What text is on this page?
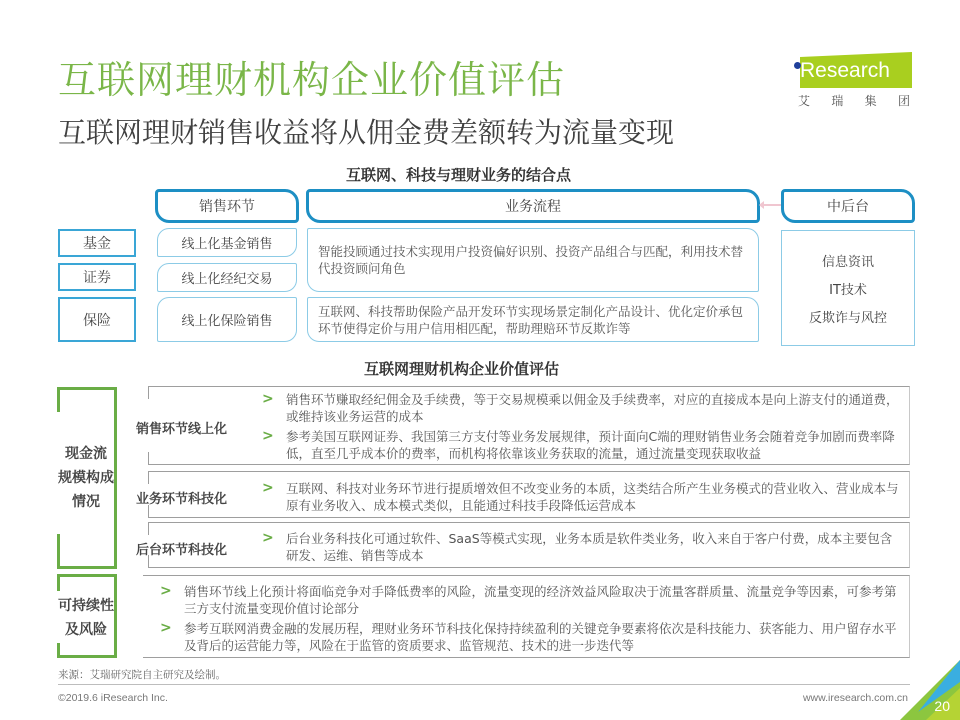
互联网理财机构企业价值评估
互联网理财销售收益将从佣金费差额转为流量变现
Research
艾 瑞 集 团
互联网、科技与理财业务的结合点
销售环节	业务流程	中后台
基金
证券
保险
线上化基金销售
线上化经纪交易
线上化保险销售
智能投顾通过技术实现用户投资偏好识别、投资产品组合与匹配，利用技术替代投资顾问角色
互联网、科技帮助保险产品开发环节实现场景定制化产品设计、优化定价承包环节使得定价与用户信用相匹配，帮助理赔环节反欺诈等
信息资讯
IT技术
反欺诈与风控
互联网理财机构企业价值评估
现金流
规模构成
情况
可持续性
及风险
销售环节线上化
> 销售环节赚取经纪佣金及手续费，等于交易规模乘以佣金及手续费率，对应的直接成本是向上游支付的通道费，或维持该业务运营的成本
> 参考美国互联网证券、我国第三方支付等业务发展规律，预计面向C端的理财销售业务会随着竞争加剧而费率降低，直至几乎成本价的费率，而机构将依靠该业务获取的流量，通过流量变现获取收益
业务环节科技化
> 互联网、科技对业务环节进行提质增效但不改变业务的本质，这类结合所产生业务模式的营业收入、营业成本与原有业务收入、成本模式类似，且能通过科技手段降低运营成本
后台环节科技化
> 后台业务科技化可通过软件、SaaS等模式实现，业务本质是软件类业务，收入来自于客户付费，成本主要包含研发、运维、销售等成本
> 销售环节线上化预计将面临竞争对手降低费率的风险，流量变现的经济效益风险取决于流量客群质量、流量竞争等因素，可参考第三方支付流量变现价值讨论部分
> 参考互联网消费金融的发展历程，理财业务环节科技化保持持续盈利的关键竞争要素将依次是科技能力、获客能力、用户留存水平及背后的运营能力等，风险在于监管的资质要求、监管规范、技术的进一步迭代等
来源：艾瑞研究院自主研究及绘制。
©2019.6 iResearch Inc.	www.iresearch.com.cn 20
